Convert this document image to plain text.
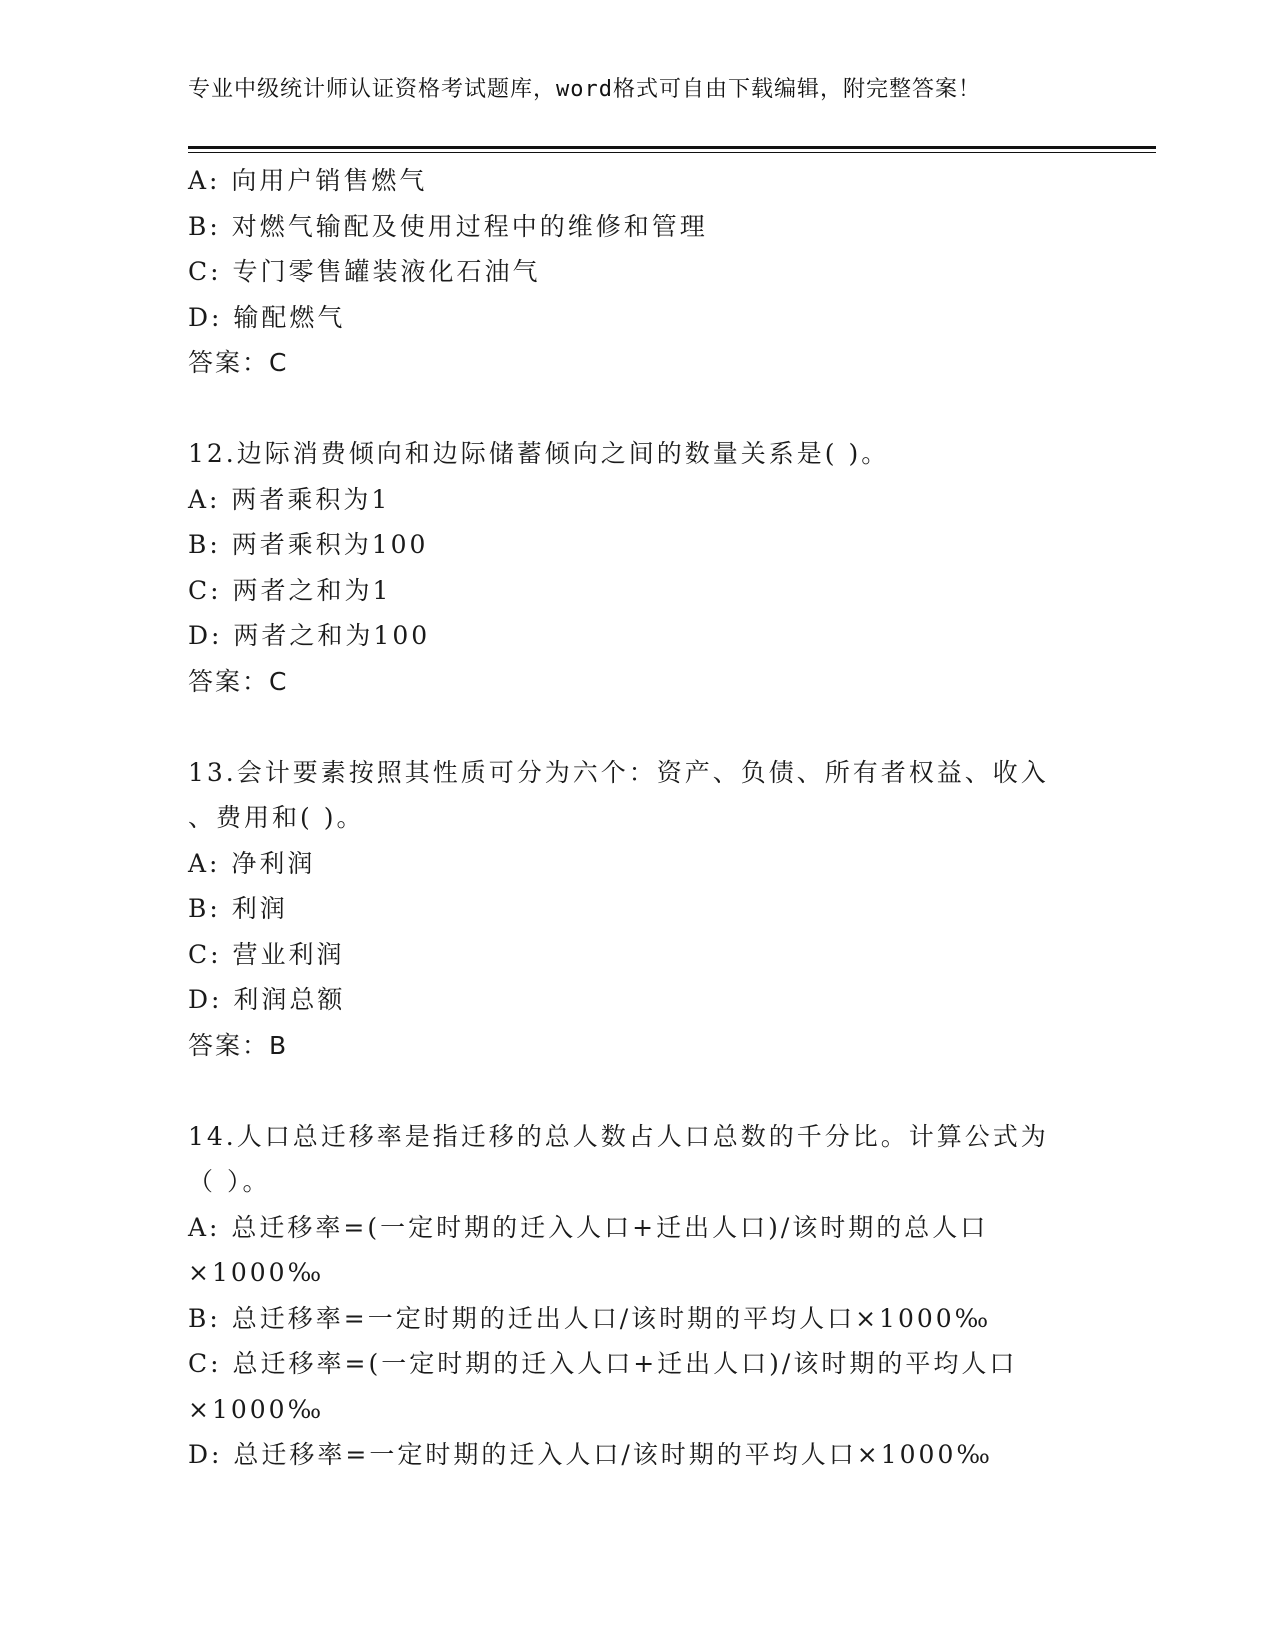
专业中级统计师认证资格考试题库，word格式可自由下载编辑，附完整答案！
A: 向用户销售燃气
B: 对燃气输配及使用过程中的维修和管理
C: 专门零售罐装液化石油气
D: 输配燃气
答案：C
12.边际消费倾向和边际储蓄倾向之间的数量关系是( )。
A: 两者乘积为1
B: 两者乘积为100
C: 两者之和为1
D: 两者之和为100
答案：C
13.会计要素按照其性质可分为六个：资产、负债、所有者权益、收入
、费用和( )。
A: 净利润
B: 利润
C: 营业利润
D: 利润总额
答案：B
14.人口总迁移率是指迁移的总人数占人口总数的千分比。计算公式为
（ ）。
A: 总迁移率=(一定时期的迁入人口+迁出人口)/该时期的总人口
×1000‰
B: 总迁移率=一定时期的迁出人口/该时期的平均人口×1000‰
C: 总迁移率=(一定时期的迁入人口+迁出人口)/该时期的平均人口
×1000‰
D: 总迁移率=一定时期的迁入人口/该时期的平均人口×1000‰
